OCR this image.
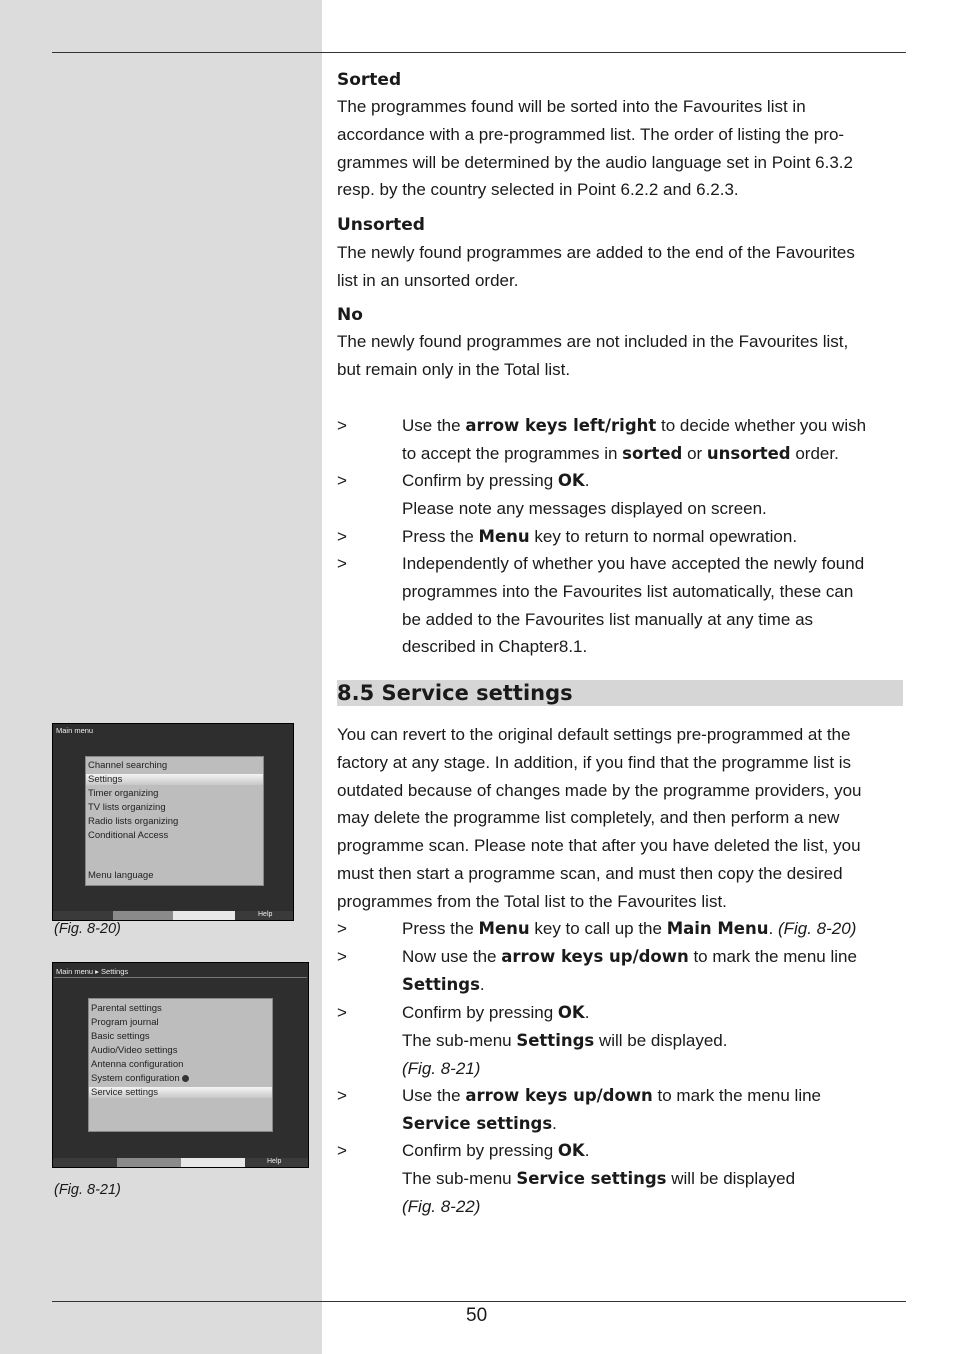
Sorted
The programmes found will be sorted into the Favourites list in
accordance with a pre-programmed list. The order of listing the pro-
grammes will be determined by the audio language set in Point 6.3.2
resp. by the country selected in Point 6.2.2 and 6.2.3.
Unsorted
The newly found programmes are added to the end of the Favourites
list in an unsorted order.
No
The newly found programmes are not included in the Favourites list,
but remain only in the Total list.
>	Use the arrow keys left/right to decide whether you wish
to accept the programmes in sorted or unsorted order.
>	Confirm by pressing OK.
Please note any messages displayed on screen.
>	Press the Menu key to return to normal opewration.
>	Independently of whether you have accepted the newly found
programmes into the Favourites list automatically, these can
be added to the Favourites list manually at any time as
described in Chapter8.1.
8.5 Service settings
You can revert to the original default settings pre-programmed at the
factory at any stage. In addition, if you find that the programme list is
outdated because of changes made by the programme providers, you
may delete the programme list completely, and then perform a new
programme scan. Please note that after you have deleted the list, you
must then start a programme scan, and must then copy the desired
programmes from the Total list to the Favourites list.
>	Press the Menu key to call up the Main Menu. (Fig. 8-20)
>	Now use the arrow keys up/down to mark the menu line
Settings.
>	Confirm by pressing OK.
The sub-menu Settings will be displayed.
(Fig. 8-21)
>	Use the arrow keys up/down to mark the menu line
Service settings.
>	Confirm by pressing OK.
The sub-menu Service settings will be displayed
(Fig. 8-22)
Main menu
Channel searching
Settings
Timer organizing
TV lists organizing
Radio lists organizing
Conditional Access
Menu language
Help
(Fig. 8-20)
Main menu ▸ Settings
Parental settings
Program journal
Basic settings
Audio/Video settings
Antenna configuration
System configuration
Service settings
Help
(Fig. 8-21)
50
